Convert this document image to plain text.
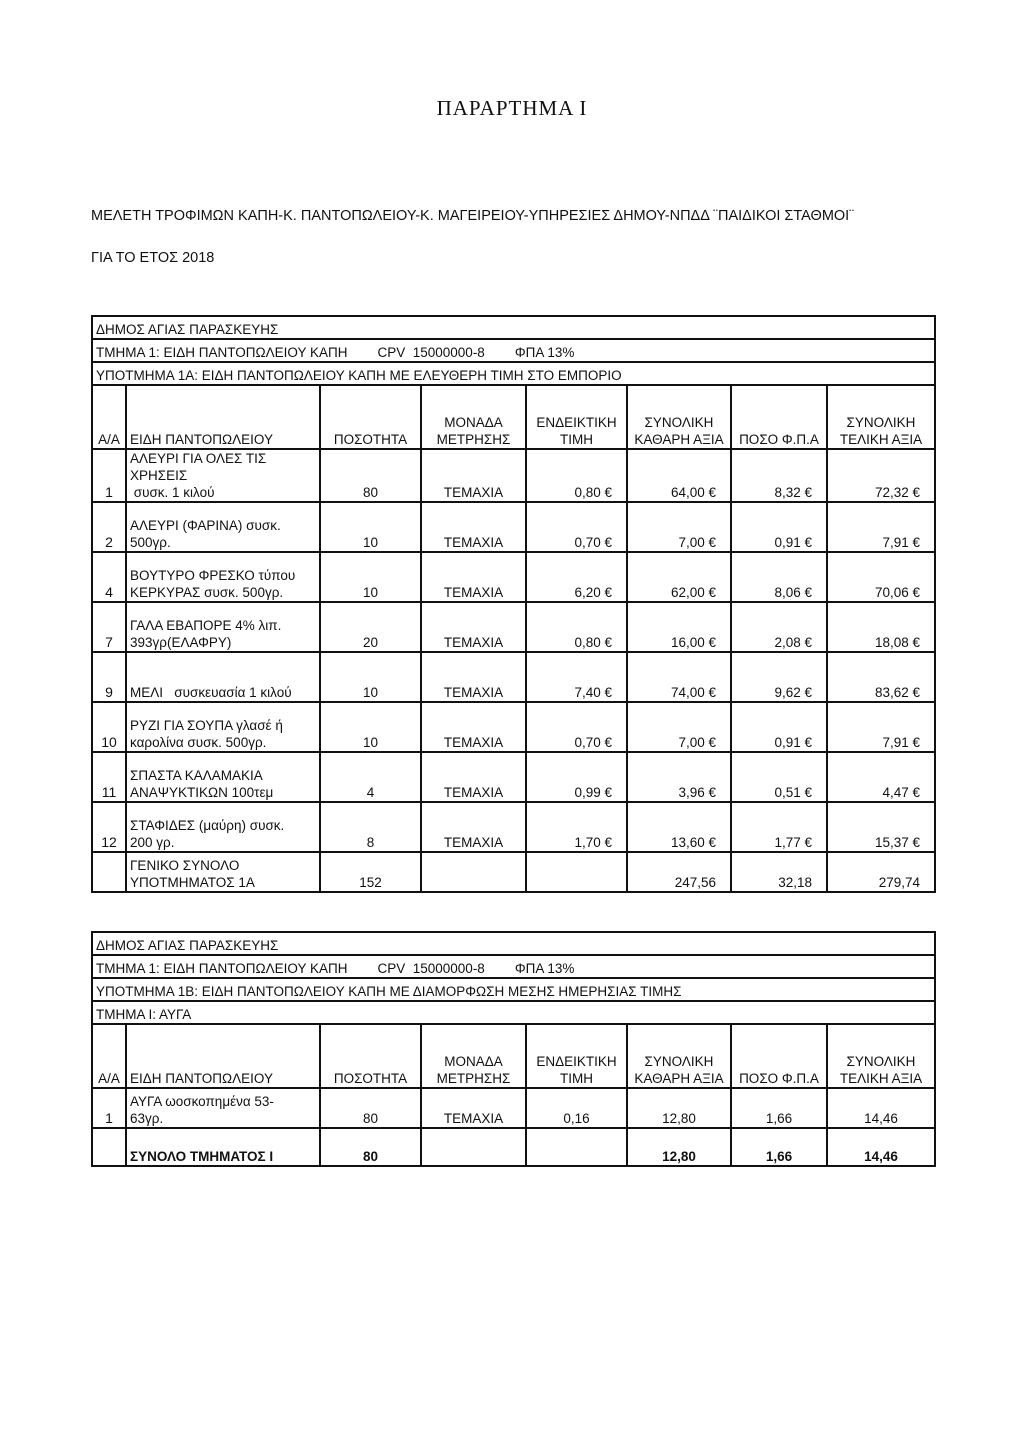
ΠΑΡΑΡΤΗΜΑ Ι
ΜΕΛΕΤΗ ΤΡΟΦΙΜΩΝ ΚΑΠΗ-Κ. ΠΑΝΤΟΠΩΛΕΙΟΥ-Κ. ΜΑΓΕΙΡΕΙΟΥ-ΥΠΗΡΕΣΙΕΣ ΔΗΜΟΥ-ΝΠΔΔ ¨ΠΑΙΔΙΚΟΙ ΣΤΑΘΜΟΙ¨
ΓΙΑ ΤΟ ΕΤΟΣ 2018
ΔΗΜΟΣ ΑΓΙΑΣ ΠΑΡΑΣΚΕΥΗΣ							
ΤΜΗΜΑ 1: ΕΙΔΗ ΠΑΝΤΟΠΩΛΕΙΟΥ ΚΑΠΗ        CPV  15000000-8        ΦΠΑ 13%							
ΥΠΟΤΜΗΜΑ 1Α: ΕΙΔΗ ΠΑΝΤΟΠΩΛΕΙΟΥ ΚΑΠΗ ΜΕ ΕΛΕΥΘΕΡΗ ΤΙΜΗ ΣΤΟ ΕΜΠΟΡΙΟ							
Α/Α	ΕΙΔΗ ΠΑΝΤΟΠΩΛΕΙΟΥ	ΠΟΣΟΤΗΤΑ	ΜΟΝΑΔΑ
ΜΕΤΡΗΣΗΣ	ΕΝΔΕΙΚΤΙΚΗ
ΤΙΜΗ	ΣΥΝΟΛΙΚΗ
ΚΑΘΑΡΗ ΑΞΙΑ	ΠΟΣΟ Φ.Π.Α	ΣΥΝΟΛΙΚΗ
ΤΕΛΙΚΗ ΑΞΙΑ
1	ΑΛΕΥΡΙ ΓΙΑ ΟΛΕΣ ΤΙΣ ΧΡΗΣΕΙΣ
συσκ. 1 κιλού	80	ΤΕΜΑΧΙΑ	0,80 €	64,00 €	8,32 €	72,32 €
2	ΑΛΕΥΡΙ (ΦΑΡΙΝΑ) συσκ.
500γρ.	10	ΤΕΜΑΧΙΑ	0,70 €	7,00 €	0,91 €	7,91 €
4	ΒΟΥΤΥΡΟ ΦΡΕΣΚΟ τύπου
ΚΕΡΚΥΡΑΣ συσκ. 500γρ.	10	ΤΕΜΑΧΙΑ	6,20 €	62,00 €	8,06 €	70,06 €
7	ΓΑΛΑ ΕΒΑΠΟΡΕ 4% λιπ.
393γρ(ΕΛΑΦΡΥ)	20	ΤΕΜΑΧΙΑ	0,80 €	16,00 €	2,08 €	18,08 €
9	ΜΕΛΙ   συσκευασία 1 κιλού	10	ΤΕΜΑΧΙΑ	7,40 €	74,00 €	9,62 €	83,62 €
10	ΡΥΖΙ ΓΙΑ ΣΟΥΠΑ γλασέ ή
καρολίνα συσκ. 500γρ.	10	ΤΕΜΑΧΙΑ	0,70 €	7,00 €	0,91 €	7,91 €
11	ΣΠΑΣΤΑ ΚΑΛΑΜΑΚΙΑ
ΑΝΑΨΥΚΤΙΚΩΝ 100τεμ	4	ΤΕΜΑΧΙΑ	0,99 €	3,96 €	0,51 €	4,47 €
12	ΣΤΑΦΙΔΕΣ (μαύρη) συσκ.
200 γρ.	8	ΤΕΜΑΧΙΑ	1,70 €	13,60 €	1,77 €	15,37 €
	ΓΕΝΙΚΟ ΣΥΝΟΛΟ
ΥΠΟΤΜΗΜΑΤΟΣ 1Α	152			247,56	32,18	279,74
ΔΗΜΟΣ ΑΓΙΑΣ ΠΑΡΑΣΚΕΥΗΣ							
ΤΜΗΜΑ 1: ΕΙΔΗ ΠΑΝΤΟΠΩΛΕΙΟΥ ΚΑΠΗ        CPV  15000000-8        ΦΠΑ 13%							
ΥΠΟΤΜΗΜΑ 1Β: ΕΙΔΗ ΠΑΝΤΟΠΩΛΕΙΟΥ ΚΑΠΗ ΜΕ ΔΙΑΜΟΡΦΩΣΗ ΜΕΣΗΣ ΗΜΕΡΗΣΙΑΣ ΤΙΜΗΣ							
ΤΜΗΜΑ Ι: ΑΥΓΑ							
Α/Α	ΕΙΔΗ ΠΑΝΤΟΠΩΛΕΙΟΥ	ΠΟΣΟΤΗΤΑ	ΜΟΝΑΔΑ
ΜΕΤΡΗΣΗΣ	ΕΝΔΕΙΚΤΙΚΗ
ΤΙΜΗ	ΣΥΝΟΛΙΚΗ
ΚΑΘΑΡΗ ΑΞΙΑ	ΠΟΣΟ Φ.Π.Α	ΣΥΝΟΛΙΚΗ
ΤΕΛΙΚΗ ΑΞΙΑ
1	ΑΥΓΑ ωοσκοπημένα 53-
63γρ.	80	ΤΕΜΑΧΙΑ	0,16	12,80	1,66	14,46
	ΣΥΝΟΛΟ ΤΜΗΜΑΤΟΣ Ι	80			12,80	1,66	14,46
